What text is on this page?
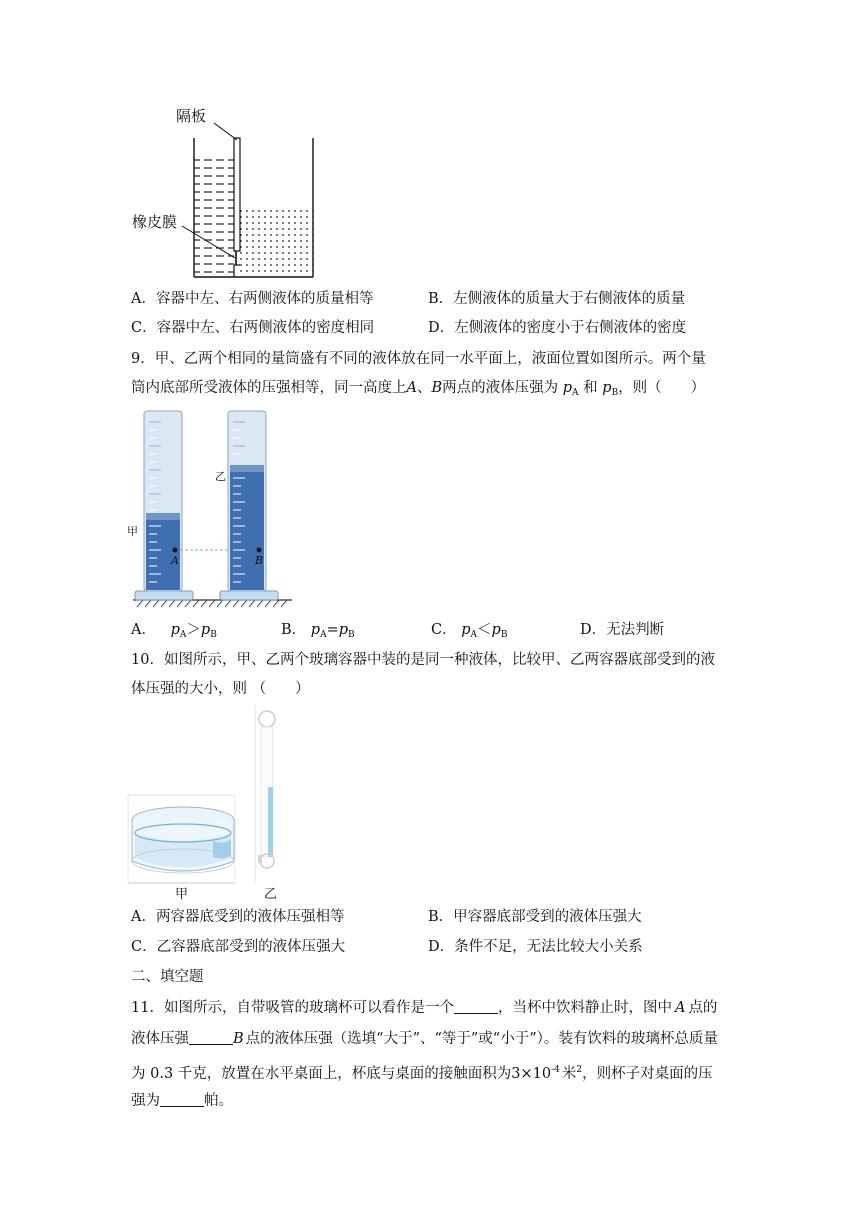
隔板
橡皮膜
A．容器中左、右两侧液体的质量相等	B．左侧液体的质量大于右侧液体的质量
C．容器中左、右两侧液体的密度相同	D．左侧液体的密度小于右侧液体的密度
9．甲、乙两个相同的量筒盛有不同的液体放在同一水平面上，液面位置如图所示。两个量
筒内底部所受液体的压强相等，同一高度上A、B两点的液体压强为 $p_A$ 和 $p_B$，则（　　）
甲
乙
A	B
A． $p_A>p_B$	B． $p_A=p_B$	C． $p_A<p_B$	D．无法判断
10．如图所示，甲、乙两个玻璃容器中装的是同一种液体，比较甲、乙两容器底部受到的液
体压强的大小，则 （　　）
甲	乙
A．两容器底受到的液体压强相等	B．甲容器底部受到的液体压强大
C．乙容器底部受到的液体压强大	D．条件不足，无法比较大小关系
二、填空题
11．如图所示，自带吸管的玻璃杯可以看作是一个	，当杯中饮料静止时，图中 A 点的
液体压强	B 点的液体压强（选填“大于”、“等于”或“小于”）。装有饮料的玻璃杯总质量
为 0.3 千克，放置在水平桌面上，杯底与桌面的接触面积为$3\times 10^{-4}$ 米$^2$，则杯子对桌面的压
强为	帕。
